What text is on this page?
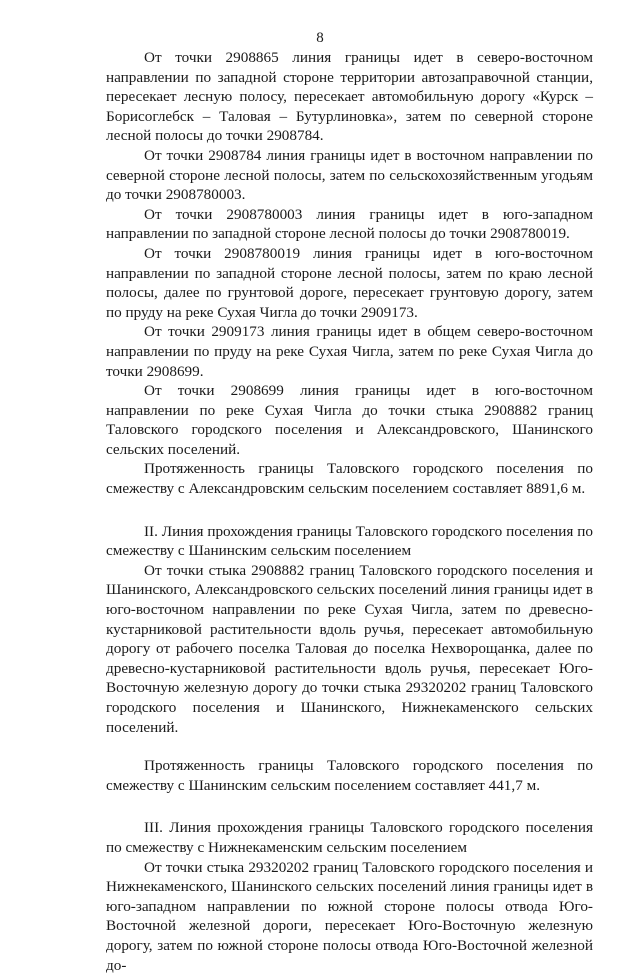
8

От точки 2908865 линия границы идет в северо-восточном направлении по западной стороне территории автозаправочной станции, пересекает лесную полосу, пересекает автомобильную дорогу «Курск – Борисоглебск – Таловая – Бутурлиновка», затем по северной стороне лесной полосы до точки 2908784.

От точки 2908784 линия границы идет в восточном направлении по северной стороне лесной полосы, затем по сельскохозяйственным угодьям до точки 2908780003.

От точки 2908780003 линия границы идет в юго-западном направлении по западной стороне лесной полосы до точки 2908780019.

От точки 2908780019 линия границы идет в юго-восточном направлении по западной стороне лесной полосы, затем по краю лесной полосы, далее по грунтовой дороге, пересекает грунтовую дорогу, затем по пруду на реке Сухая Чигла до точки 2909173.

От точки 2909173 линия границы идет в общем северо-восточном направлении по пруду на реке Сухая Чигла, затем по реке Сухая Чигла до точки 2908699.

От точки 2908699 линия границы идет в юго-восточном направлении по реке Сухая Чигла до точки стыка 2908882 границ Таловского городского поселения и Александровского, Шанинского сельских поселений.

Протяженность границы Таловского городского поселения по смежеству с Александровским сельским поселением составляет 8891,6 м.

II. Линия прохождения границы Таловского городского поселения по смежеству с Шанинским сельским поселением

От точки стыка 2908882 границ Таловского городского поселения и Шанинского, Александровского сельских поселений линия границы идет в юго-восточном направлении по реке Сухая Чигла, затем по древесно-кустарниковой растительности вдоль ручья, пересекает автомобильную дорогу от рабочего поселка Таловая до поселка Нехворощанка, далее по древесно-кустарниковой растительности вдоль ручья, пересекает Юго-Восточную железную дорогу до точки стыка 29320202 границ Таловского городского поселения и Шанинского, Нижнекаменского сельских поселений.

Протяженность границы Таловского городского поселения по смежеству с Шанинским сельским поселением составляет 441,7 м.

III. Линия прохождения границы Таловского городского поселения по смежеству с Нижнекаменским сельским поселением

От точки стыка 29320202 границ Таловского городского поселения и Нижнекаменского, Шанинского сельских поселений линия границы идет в юго-западном направлении по южной стороне полосы отвода Юго-Восточной железной дороги, пересекает Юго-Восточную железную дорогу, затем по южной стороне полосы отвода Юго-Восточной железной до-
